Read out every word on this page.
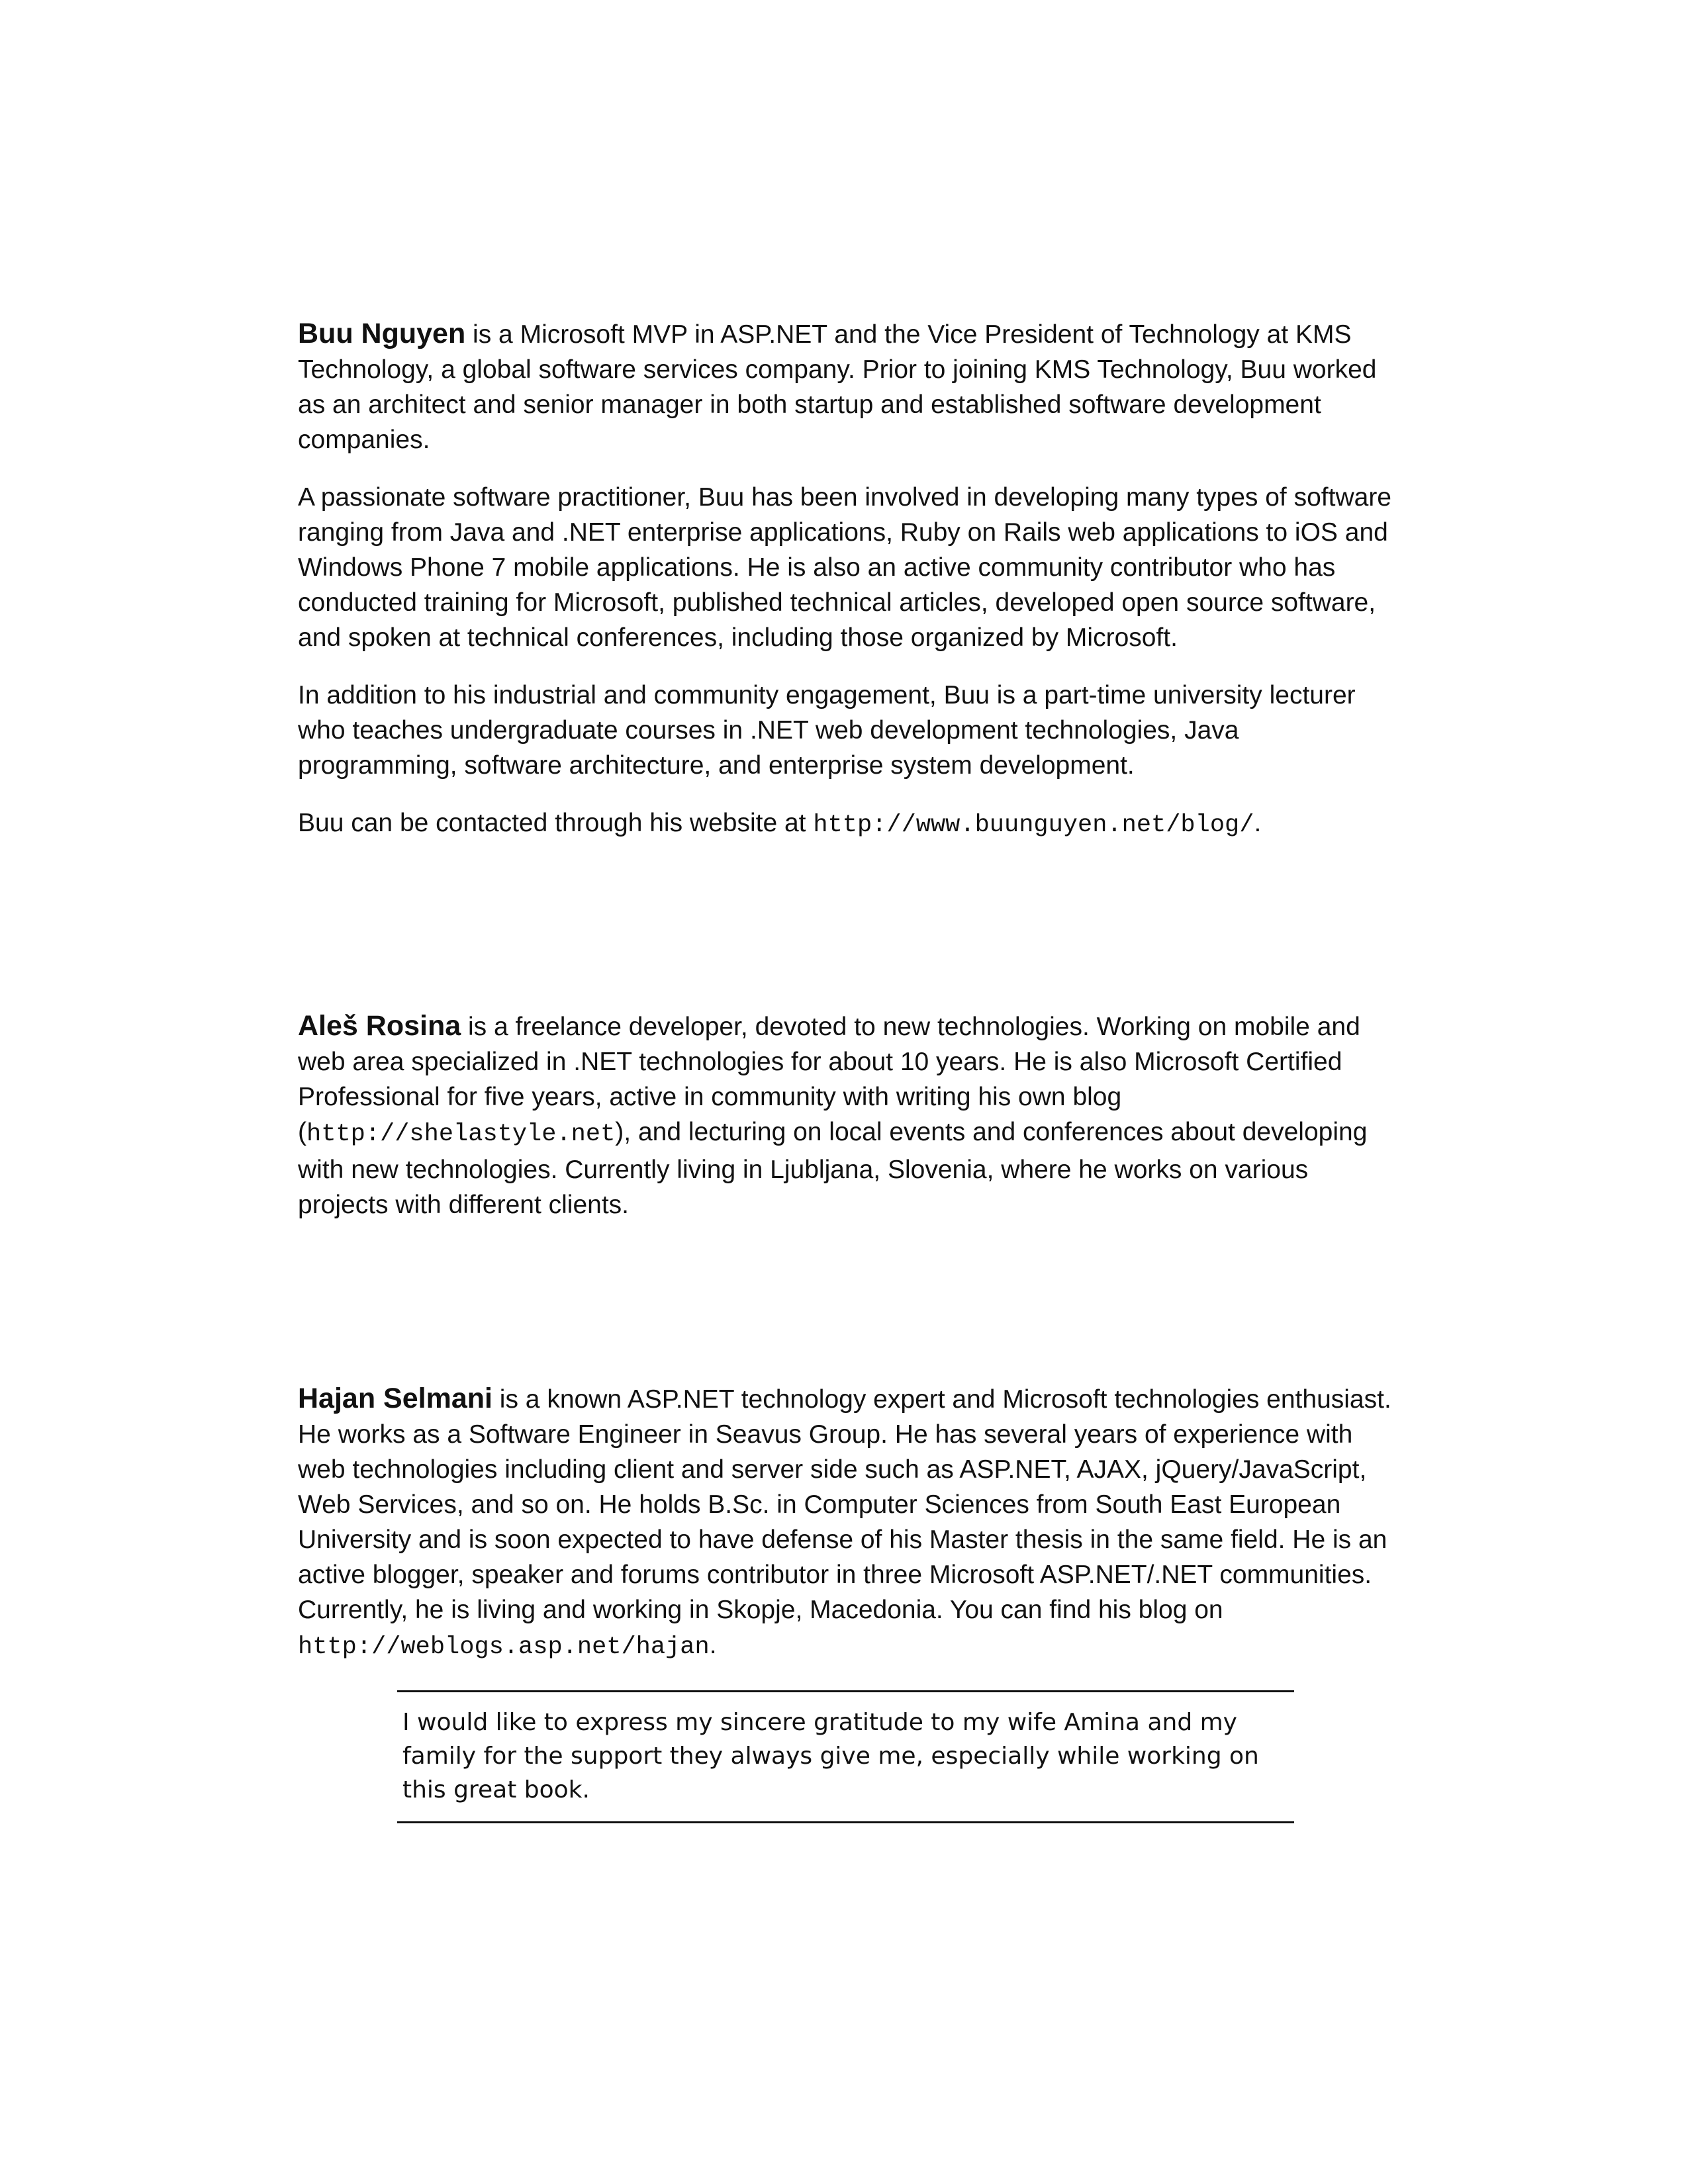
Buu Nguyen is a Microsoft MVP in ASP.NET and the Vice President of Technology at KMS Technology, a global software services company. Prior to joining KMS Technology, Buu worked as an architect and senior manager in both startup and established software development companies.

A passionate software practitioner, Buu has been involved in developing many types of software ranging from Java and .NET enterprise applications, Ruby on Rails web applications to iOS and Windows Phone 7 mobile applications. He is also an active community contributor who has conducted training for Microsoft, published technical articles, developed open source software, and spoken at technical conferences, including those organized by Microsoft.

In addition to his industrial and community engagement, Buu is a part-time university lecturer who teaches undergraduate courses in .NET web development technologies, Java programming, software architecture, and enterprise system development.

Buu can be contacted through his website at http://www.buunguyen.net/blog/.

Aleš Rosina is a freelance developer, devoted to new technologies. Working on mobile and web area specialized in .NET technologies for about 10 years. He is also Microsoft Certified Professional for five years, active in community with writing his own blog (http://shelastyle.net), and lecturing on local events and conferences about developing with new technologies. Currently living in Ljubljana, Slovenia, where he works on various projects with different clients.

Hajan Selmani is a known ASP.NET technology expert and Microsoft technologies enthusiast. He works as a Software Engineer in Seavus Group. He has several years of experience with web technologies including client and server side such as ASP.NET, AJAX, jQuery/JavaScript, Web Services, and so on. He holds B.Sc. in Computer Sciences from South East European University and is soon expected to have defense of his Master thesis in the same field. He is an active blogger, speaker and forums contributor in three Microsoft ASP.NET/.NET communities. Currently, he is living and working in Skopje, Macedonia. You can find his blog on http://weblogs.asp.net/hajan.

I would like to express my sincere gratitude to my wife Amina and my family for the support they always give me, especially while working on this great book.
